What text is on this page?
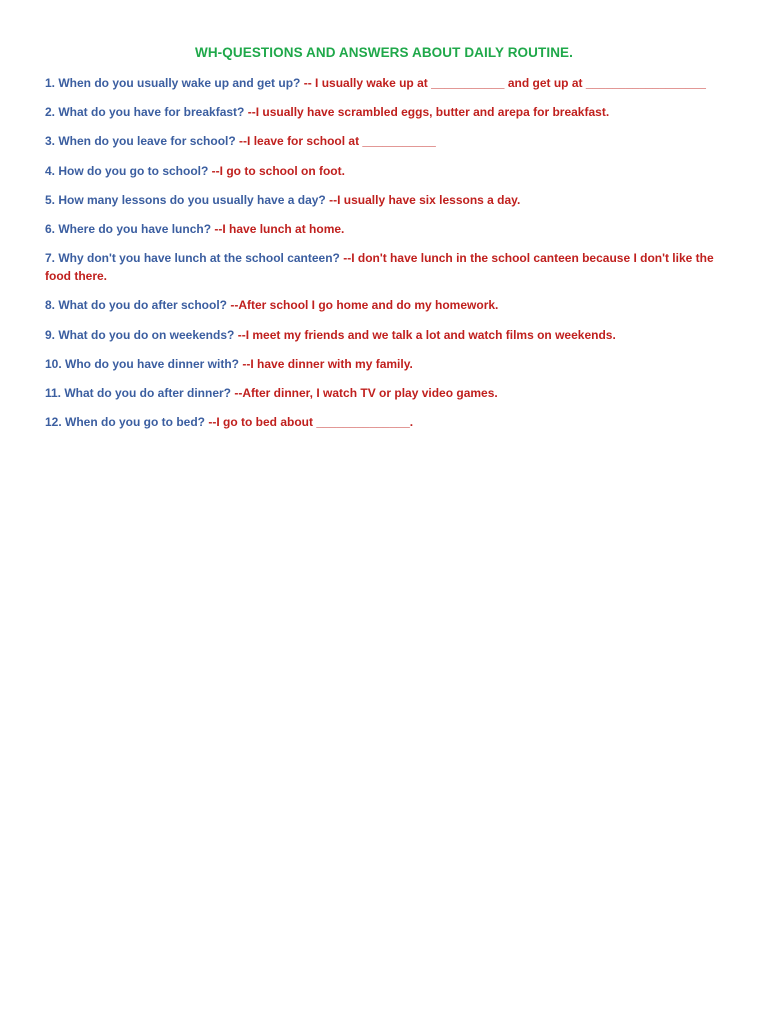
WH-QUESTIONS AND ANSWERS ABOUT DAILY ROUTINE.
1. When do you usually wake up and get up? -- I usually wake up at ___________ and get up at __________________
2. What do you have for breakfast? --I usually have scrambled eggs, butter and arepa for breakfast.
3. When do you leave for school? --I leave for school at ___________
4. How do you go to school? --I go to school on foot.
5. How many lessons do you usually have a day? --I usually have six lessons a day.
6. Where do you have lunch? --I have lunch at home.
7. Why don't you have lunch at the school canteen? --I don't have lunch in the school canteen because I don't like the food there.
8. What do you do after school? --After school I go home and do my homework.
9. What do you do on weekends? --I meet my friends and we talk a lot and watch films on weekends.
10. Who do you have dinner with? --I have dinner with my family.
11. What do you do after dinner? --After dinner, I watch TV or play video games.
12. When do you go to bed? --I go to bed about ______________.
